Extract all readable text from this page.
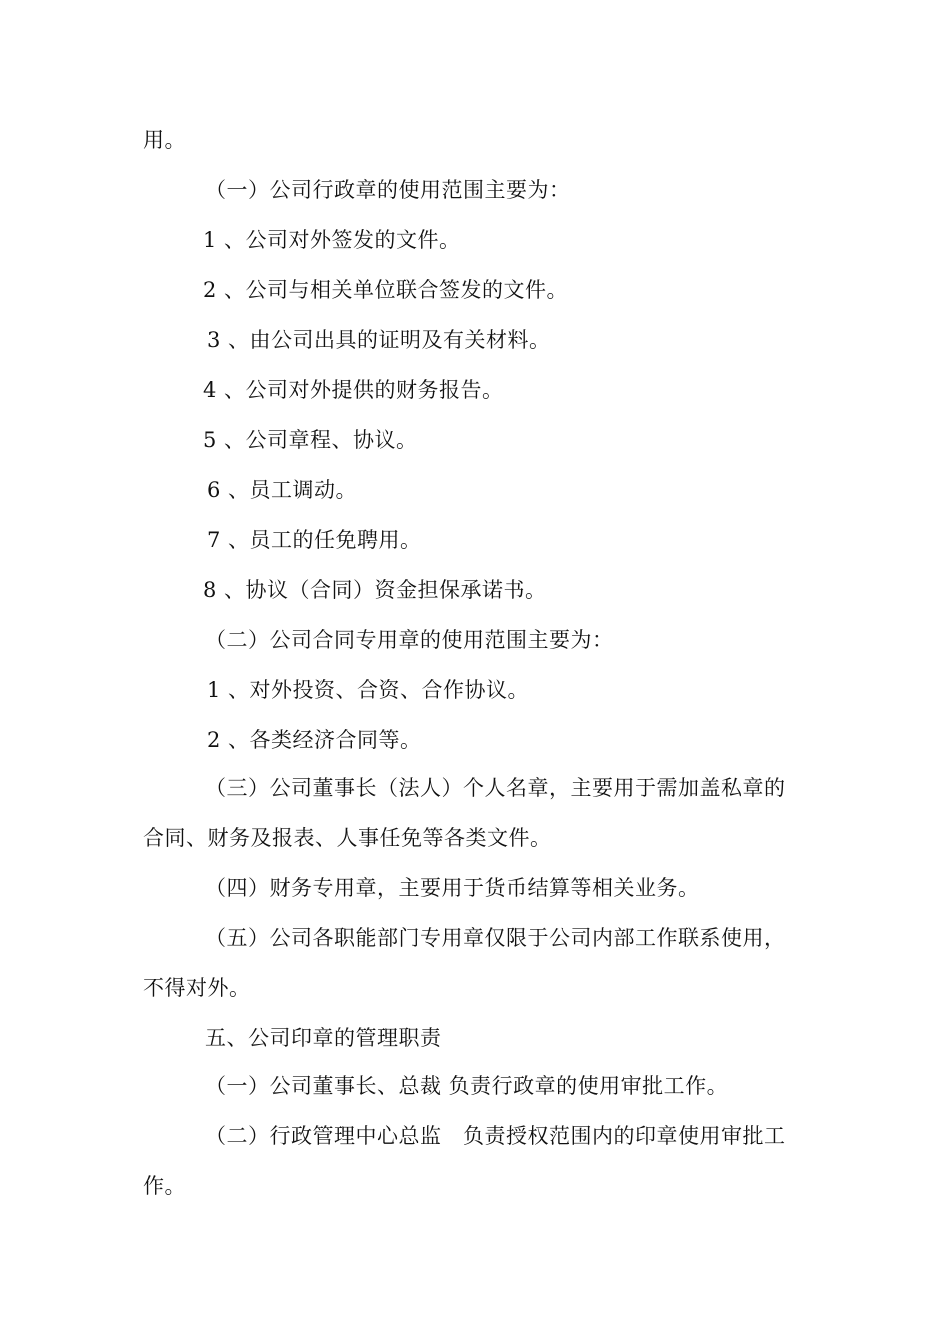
用。
（一）公司行政章的使用范围主要为：
1 、公司对外签发的文件。
2 、公司与相关单位联合签发的文件。
3 、由公司出具的证明及有关材料。
4 、公司对外提供的财务报告。
5 、公司章程、协议。
6 、员工调动。
7 、员工的任免聘用。
8 、协议（合同）资金担保承诺书。
（二）公司合同专用章的使用范围主要为：
1 、对外投资、合资、合作协议。
2 、各类经济合同等。
（三）公司董事长（法人）个人名章，主要用于需加盖私章的
合同、财务及报表、人事任免等各类文件。
（四）财务专用章，主要用于货币结算等相关业务。
（五）公司各职能部门专用章仅限于公司内部工作联系使用，
不得对外。
五、公司印章的管理职责
（一）公司董事长、总裁 负责行政章的使用审批工作。
（二）行政管理中心总监   负责授权范围内的印章使用审批工
作。
